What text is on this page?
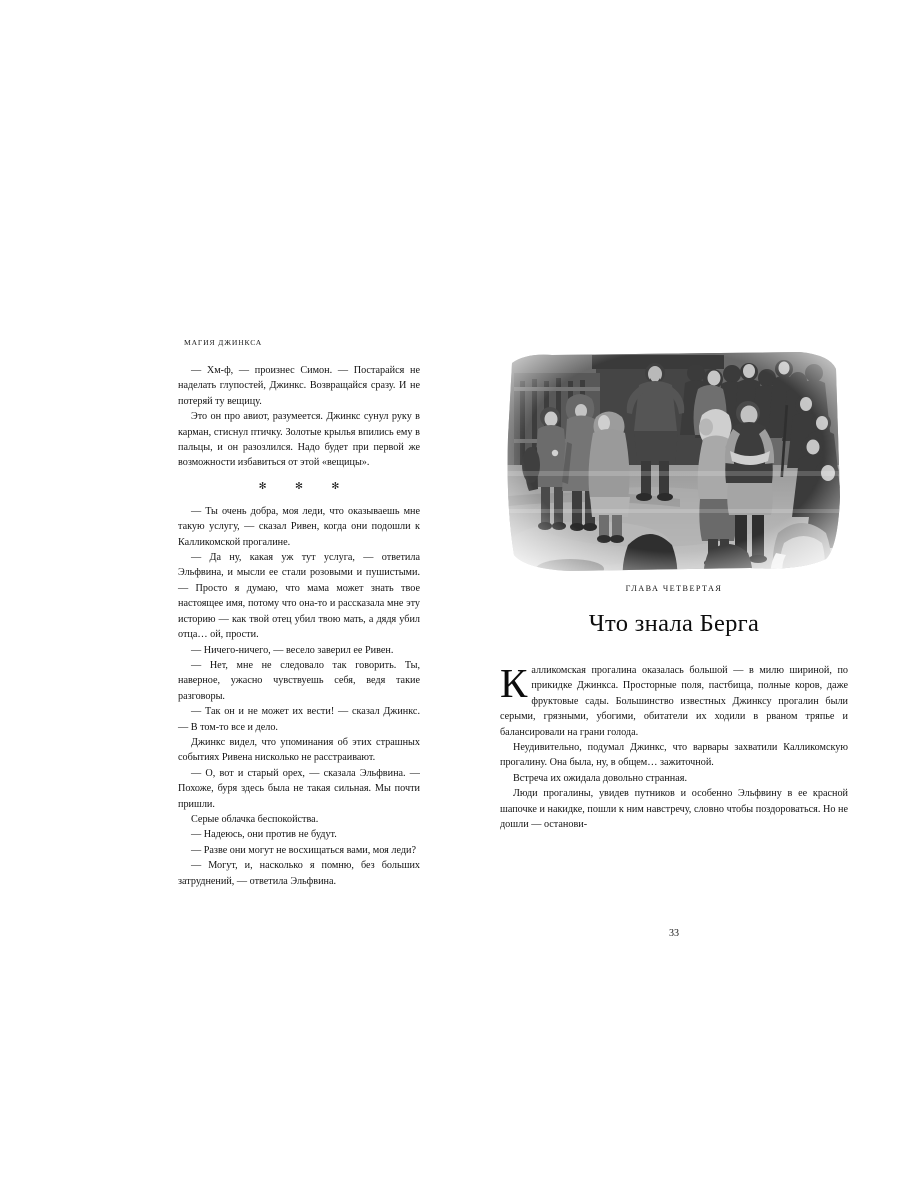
МАГИЯ ДЖИНКСА

— Хм-ф, — произнес Симон. — Постарайся не наделать глупостей, Джинкс. Возвращайся сразу. И не потеряй ту вещицу.

Это он про авиот, разумеется. Джинкс сунул руку в карман, стиснул птичку. Золотые крылья впились ему в пальцы, и он разозлился. Надо будет при первой же возможности избавиться от этой «вещицы».

✻ ✻ ✻

— Ты очень добра, моя леди, что оказываешь мне такую услугу, — сказал Ривен, когда они подошли к Калликомской прогалине.

— Да ну, какая уж тут услуга, — ответила Эльфвина, и мысли ее стали розовыми и пушистыми. — Просто я думаю, что мама может знать твое настоящее имя, потому что она-то и рассказала мне эту историю — как твой отец убил твою мать, а дядя убил отца… ой, прости.

— Ничего-ничего, — весело заверил ее Ривен.

— Нет, мне не следовало так говорить. Ты, наверное, ужасно чувствуешь себя, ведя такие разговоры.

— Так он и не может их вести! — сказал Джинкс. — В том-то все и дело.

Джинкс видел, что упоминания об этих страшных событиях Ривена нисколько не расстраивают.

— О, вот и старый орех, — сказала Эльфвина. — Похоже, буря здесь была не такая сильная. Мы почти пришли.

Серые облачка беспокойства.

— Надеюсь, они против не будут.

— Разве они могут не восхищаться вами, моя леди?

— Могут, и, насколько я помню, без больших затруднений, — ответила Эльфвина.

ГЛАВА ЧЕТВЕРТАЯ
Что знала Берга

Калликомская прогалина оказалась большой — в милю шириной, по прикидке Джинкса. Просторные поля, пастбища, полные коров, даже фруктовые сады. Большинство известных Джинксу прогалин были серыми, грязными, убогими, обитатели их ходили в рваном тряпье и балансировали на грани голода.

Неудивительно, подумал Джинкс, что варвары захватили Калликомскую прогалину. Она была, ну, в общем… зажиточной.

Встреча их ожидала довольно странная.

Люди прогалины, увидев путников и особенно Эльфвину в ее красной шапочке и накидке, пошли к ним навстречу, словно чтобы поздороваться. Но не дошли — останови-

33
